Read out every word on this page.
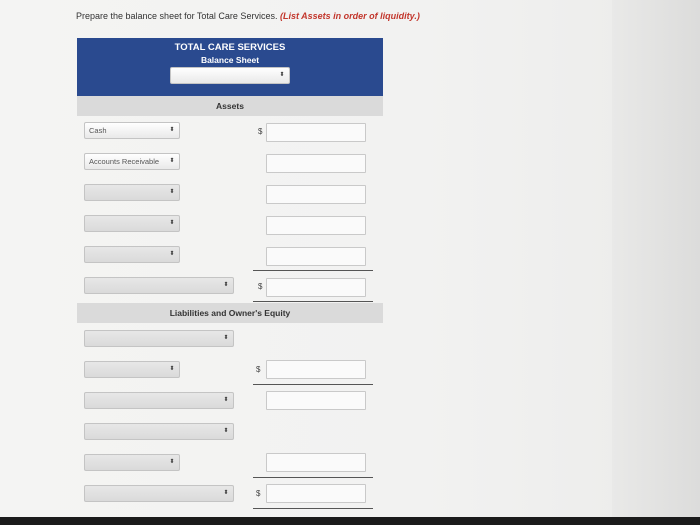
Prepare the balance sheet for Total Care Services. (List Assets in order of liquidity.)
TOTAL CARE SERVICES
Balance Sheet
⬍
Assets
Cash	⬍	$
Accounts Receivable ⬍
⬍
⬍
⬍
⬍	$
Liabilities and Owner's Equity
⬍
⬍	$
⬍
⬍
⬍
⬍	$
